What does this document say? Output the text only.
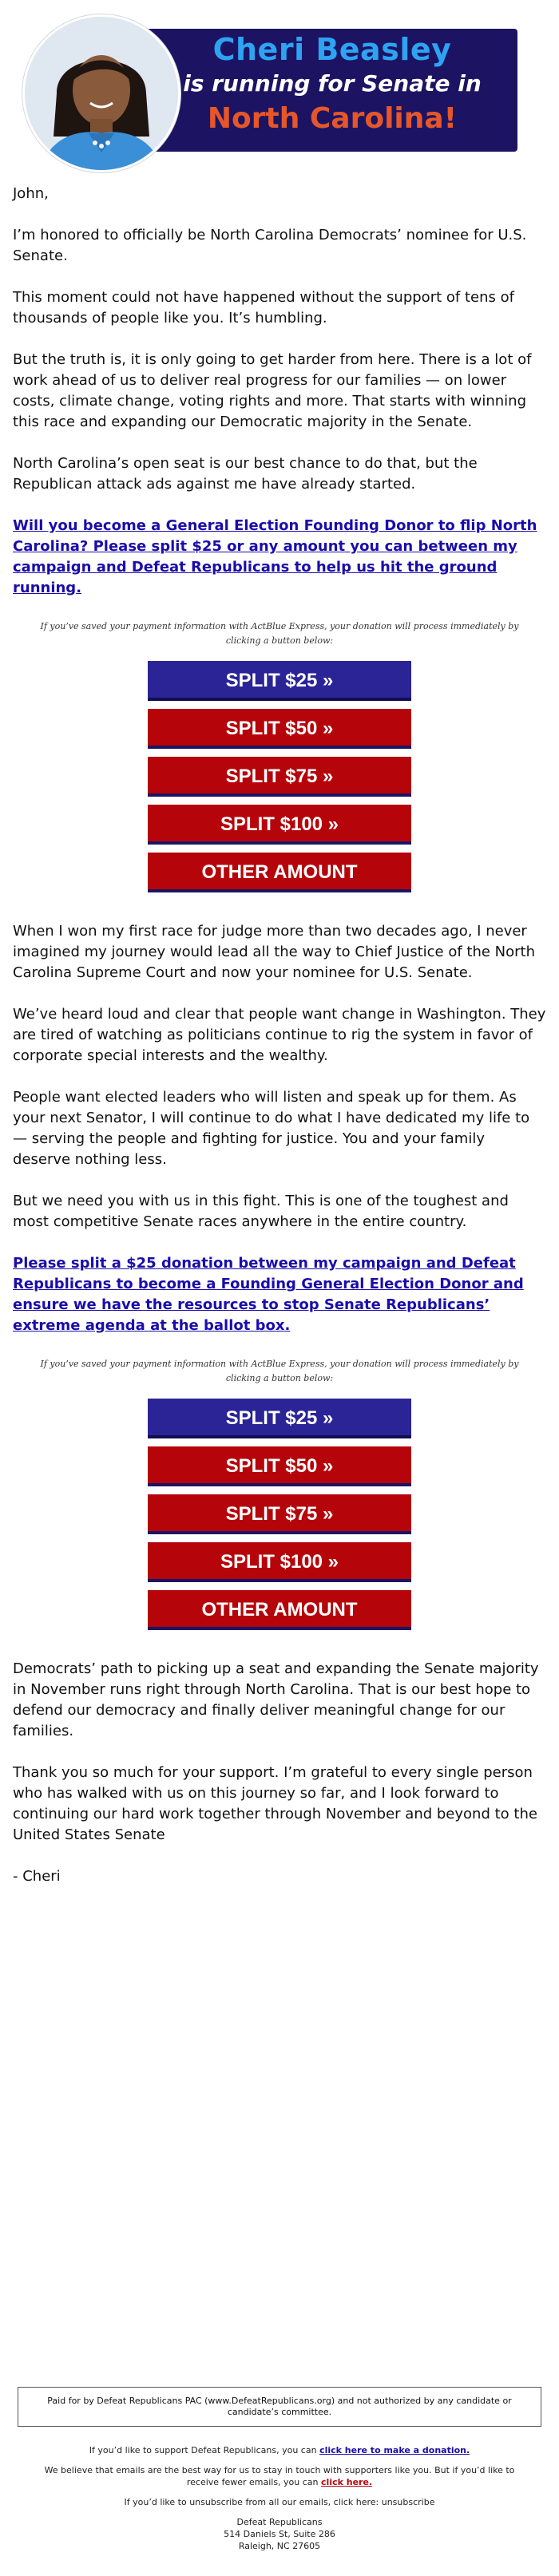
Cheri Beasley
is running for Senate in
North Carolina!

John,

I’m honored to officially be North Carolina Democrats’ nominee for U.S. Senate.

This moment could not have happened without the support of tens of thousands of people like you. It’s humbling.

But the truth is, it is only going to get harder from here. There is a lot of work ahead of us to deliver real progress for our families — on lower costs, climate change, voting rights and more. That starts with winning this race and expanding our Democratic majority in the Senate.

North Carolina’s open seat is our best chance to do that, but the Republican attack ads against me have already started.

Will you become a General Election Founding Donor to flip North Carolina? Please split $25 or any amount you can between my campaign and Defeat Republicans to help us hit the ground running.

If you’ve saved your payment information with ActBlue Express, your donation will process immediately by clicking a button below:
SPLIT $25 »
SPLIT $50 »
SPLIT $75 »
SPLIT $100 »
OTHER AMOUNT

When I won my first race for judge more than two decades ago, I never imagined my journey would lead all the way to Chief Justice of the North Carolina Supreme Court and now your nominee for U.S. Senate.

We’ve heard loud and clear that people want change in Washington. They are tired of watching as politicians continue to rig the system in favor of corporate special interests and the wealthy.

People want elected leaders who will listen and speak up for them. As your next Senator, I will continue to do what I have dedicated my life to — serving the people and fighting for justice. You and your family deserve nothing less.

But we need you with us in this fight. This is one of the toughest and most competitive Senate races anywhere in the entire country.

Please split a $25 donation between my campaign and Defeat Republicans to become a Founding General Election Donor and ensure we have the resources to stop Senate Republicans’ extreme agenda at the ballot box.

If you’ve saved your payment information with ActBlue Express, your donation will process immediately by clicking a button below:
SPLIT $25 »
SPLIT $50 »
SPLIT $75 »
SPLIT $100 »
OTHER AMOUNT

Democrats’ path to picking up a seat and expanding the Senate majority in November runs right through North Carolina. That is our best hope to defend our democracy and finally deliver meaningful change for our families.

Thank you so much for your support. I’m grateful to every single person who has walked with us on this journey so far, and I look forward to continuing our hard work together through November and beyond to the United States Senate

- Cheri

Paid for by Defeat Republicans PAC (www.DefeatRepublicans.org) and not authorized by any candidate or candidate’s committee.

If you’d like to support Defeat Republicans, you can click here to make a donation.

We believe that emails are the best way for us to stay in touch with supporters like you. But if you’d like to receive fewer emails, you can click here.

If you’d like to unsubscribe from all our emails, click here: unsubscribe

Defeat Republicans
514 Daniels St, Suite 286
Raleigh, NC 27605
